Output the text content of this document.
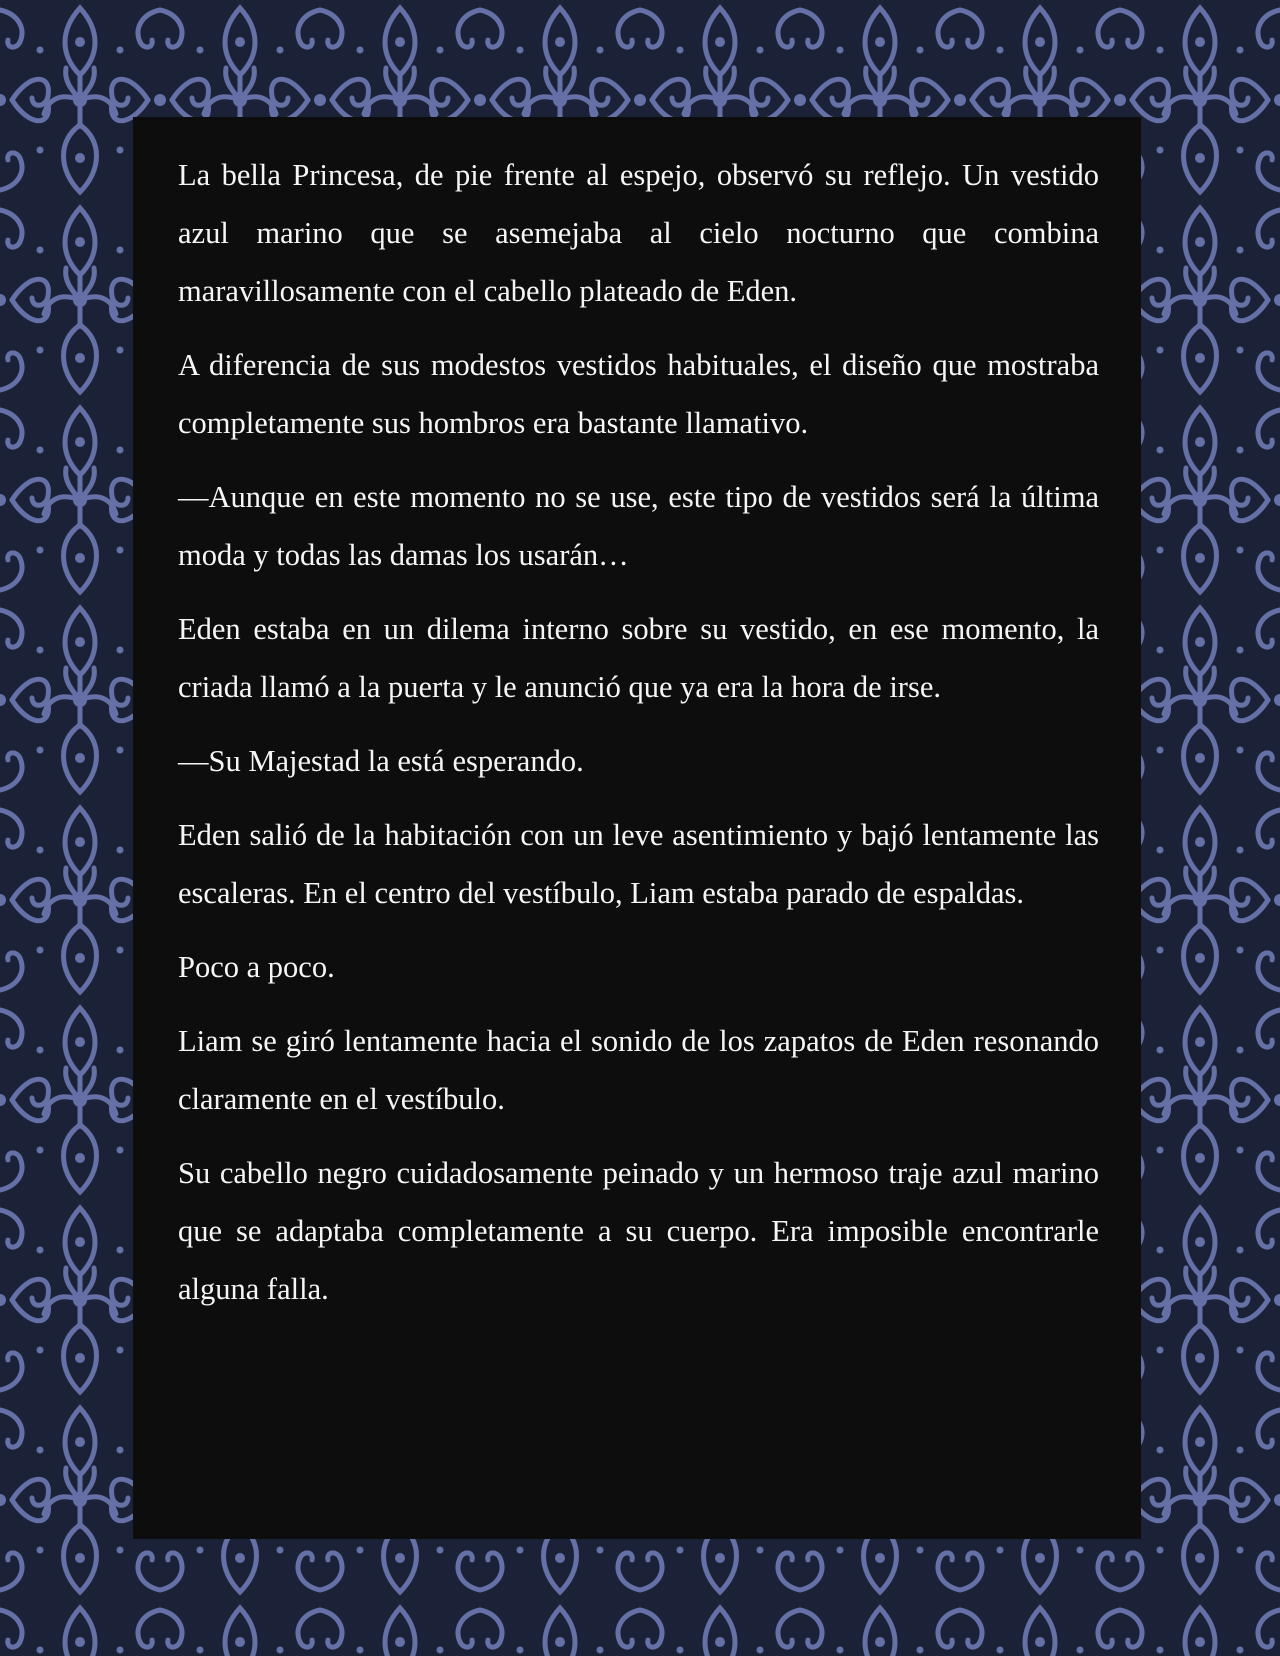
La bella Princesa, de pie frente al espejo, observó su reflejo. Un vestido azul marino que se asemejaba al cielo nocturno que combina maravillosamente con el cabello plateado de Eden.

A diferencia de sus modestos vestidos habituales, el diseño que mostraba completamente sus hombros era bastante llamativo.

—Aunque en este momento no se use, este tipo de vestidos será la última moda y todas las damas los usarán…

Eden estaba en un dilema interno sobre su vestido, en ese momento, la criada llamó a la puerta y le anunció que ya era la hora de irse.

—Su Majestad la está esperando.

Eden salió de la habitación con un leve asentimiento y bajó lentamente las escaleras. En el centro del vestíbulo, Liam estaba parado de espaldas.

Poco a poco.

Liam se giró lentamente hacia el sonido de los zapatos de Eden resonando claramente en el vestíbulo.

Su cabello negro cuidadosamente peinado y un hermoso traje azul marino que se adaptaba completamente a su cuerpo. Era imposible encontrarle alguna falla.
